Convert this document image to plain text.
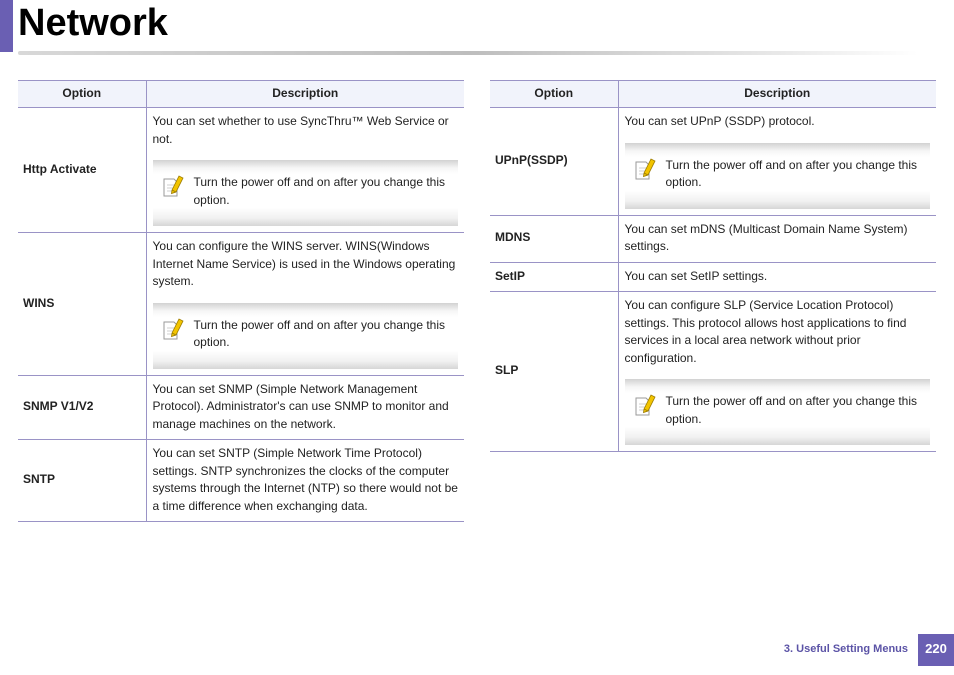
Network
Option	Description
Http Activate	You can set whether to use SyncThru™ Web Service or not.
Turn the power off and on after you change this option.

WINS	You can configure the WINS server. WINS(Windows Internet Name Service) is used in the Windows operating system.
Turn the power off and on after you change this option.

SNMP V1/V2	You can set SNMP (Simple Network Management Protocol). Administrator's can use SNMP to monitor and manage machines on the network.

SNTP	You can set SNTP (Simple Network Time Protocol) settings. SNTP synchronizes the clocks of the computer systems through the Internet (NTP) so there would not be a time difference when exchanging data.
Option	Description
UPnP(SSDP)	You can set UPnP (SSDP) protocol.
Turn the power off and on after you change this option.

MDNS	You can set mDNS (Multicast Domain Name System) settings.

SetIP	You can set SetIP settings.

SLP	You can configure SLP (Service Location Protocol) settings. This protocol allows host applications to find services in a local area network without prior configuration.
Turn the power off and on after you change this option.
3. Useful Setting Menus	220
